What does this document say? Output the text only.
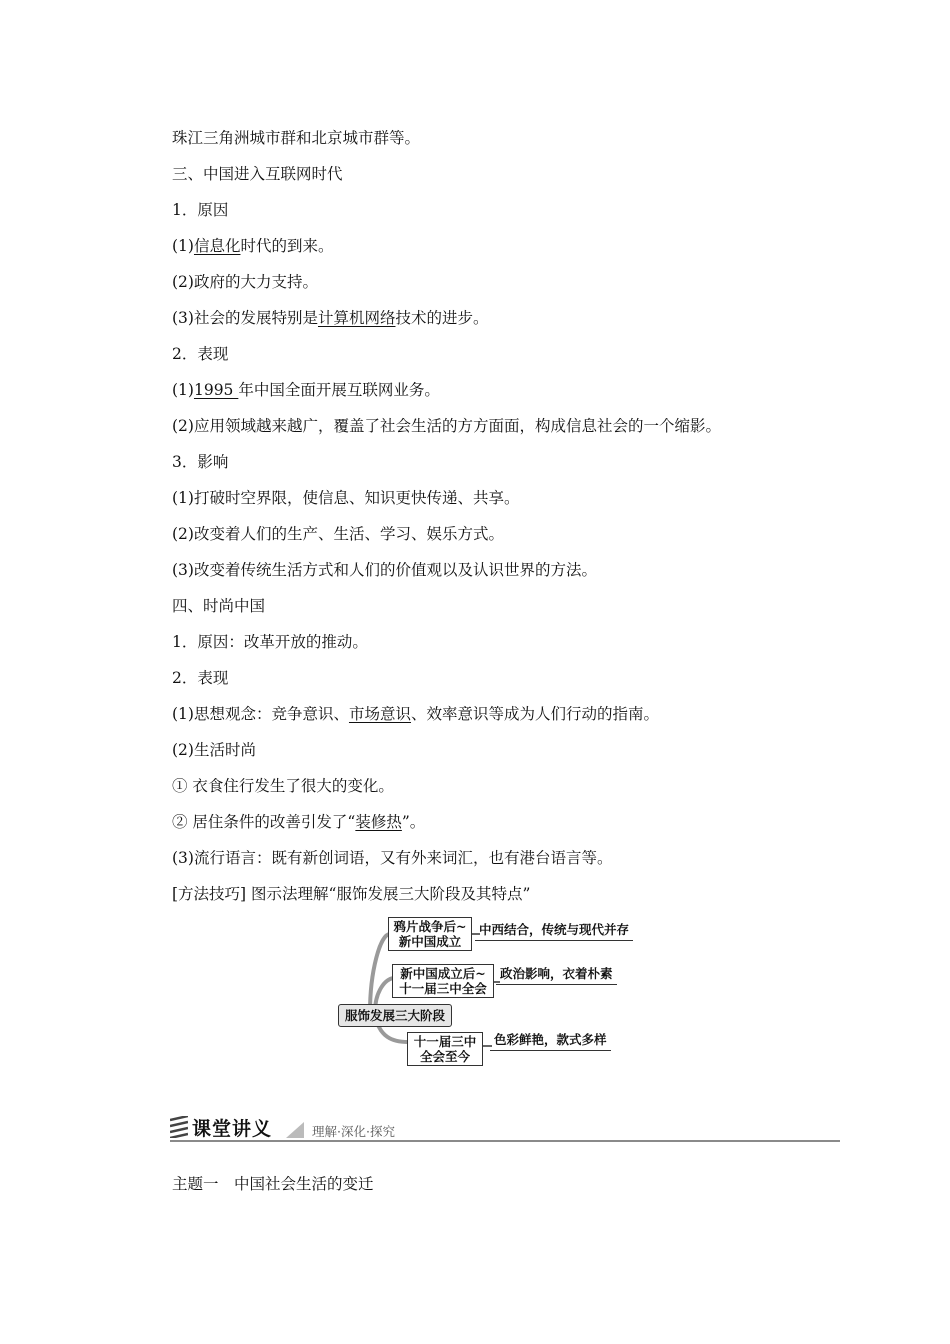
珠江三角洲城市群和北京城市群等。
三、中国进入互联网时代
1．原因
(1)信息化时代的到来。
(2)政府的大力支持。
(3)社会的发展特别是计算机网络技术的进步。
2．表现
(1)1995 年中国全面开展互联网业务。
(2)应用领域越来越广，覆盖了社会生活的方方面面，构成信息社会的一个缩影。
3．影响
(1)打破时空界限，使信息、知识更快传递、共享。
(2)改变着人们的生产、生活、学习、娱乐方式。
(3)改变着传统生活方式和人们的价值观以及认识世界的方法。
四、时尚中国
1．原因：改革开放的推动。
2．表现
(1)思想观念：竞争意识、市场意识、效率意识等成为人们行动的指南。
(2)生活时尚
① 衣食住行发生了很大的变化。
② 居住条件的改善引发了“装修热”。
(3)流行语言：既有新创词语，又有外来词汇，也有港台语言等。
[方法技巧] 图示法理解“服饰发展三大阶段及其特点”
鸦片战争后~
新中国成立
中西结合，传统与现代并存
新中国成立后~
十一届三中全会
政治影响，衣着朴素
服饰发展三大阶段
十一届三中
全会至今
色彩鲜艳，款式多样
课堂讲义	理解·深化·探究
主题一　中国社会生活的变迁
